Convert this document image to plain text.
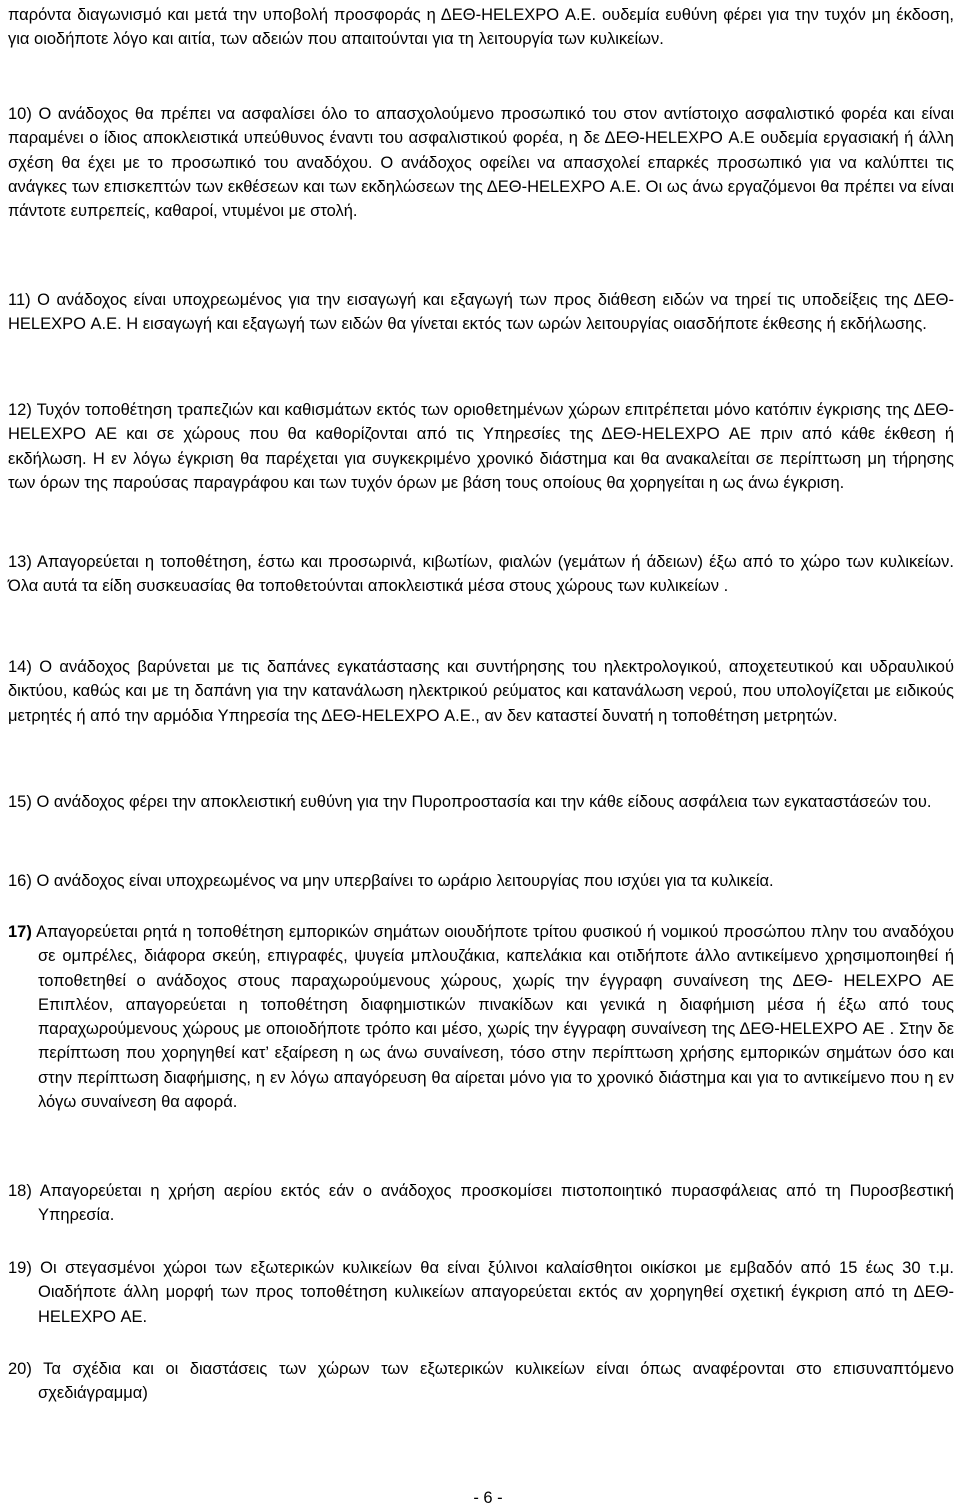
παρόντα διαγωνισμό και μετά την υποβολή προσφοράς η ΔΕΘ-HELEXPO Α.Ε. ουδεμία ευθύνη φέρει για την τυχόν μη έκδοση, για οιοδήποτε λόγο και αιτία, των αδειών που απαιτούνται για τη λειτουργία των κυλικείων.

10) Ο ανάδοχος θα πρέπει να ασφαλίσει όλο το απασχολούμενο προσωπικό του στον αντίστοιχο ασφαλιστικό φορέα και είναι παραμένει ο ίδιος αποκλειστικά υπεύθυνος έναντι του ασφαλιστικού φορέα, η δε ΔΕΘ-HELEXPO Α.Ε ουδεμία εργασιακή ή άλλη σχέση θα έχει με το προσωπικό του αναδόχου. Ο ανάδοχος οφείλει να απασχολεί επαρκές προσωπικό για να καλύπτει τις ανάγκες των επισκεπτών των εκθέσεων και των εκδηλώσεων της ΔΕΘ-HELEXPO Α.Ε. Οι ως άνω εργαζόμενοι θα πρέπει να είναι πάντοτε ευπρεπείς, καθαροί, ντυμένοι με στολή.

11) Ο ανάδοχος είναι υποχρεωμένος για την εισαγωγή και εξαγωγή των προς διάθεση ειδών να τηρεί τις υποδείξεις της ΔΕΘ-HELEXPO Α.Ε. Η εισαγωγή και εξαγωγή των ειδών θα γίνεται εκτός των ωρών λειτουργίας οιασδήποτε έκθεσης ή εκδήλωσης.

12) Τυχόν τοποθέτηση τραπεζιών και καθισμάτων εκτός των οριοθετημένων χώρων επιτρέπεται μόνο κατόπιν έγκρισης της ΔΕΘ-HELEXPO ΑΕ και σε χώρους που θα καθορίζονται από τις Υπηρεσίες της ΔΕΘ-HELEXPO ΑΕ πριν από κάθε έκθεση ή εκδήλωση. Η εν λόγω έγκριση θα παρέχεται για συγκεκριμένο χρονικό διάστημα και θα ανακαλείται σε περίπτωση μη τήρησης των όρων της παρούσας παραγράφου και των τυχόν όρων με βάση τους οποίους θα χορηγείται η ως άνω έγκριση.

13) Απαγορεύεται η τοποθέτηση, έστω και προσωρινά, κιβωτίων, φιαλών (γεμάτων ή άδειων) έξω από το χώρο των κυλικείων. Όλα αυτά τα είδη συσκευασίας θα τοποθετούνται αποκλειστικά μέσα στους χώρους των κυλικείων .

14) Ο ανάδοχος βαρύνεται με τις δαπάνες εγκατάστασης και συντήρησης του ηλεκτρολογικού, αποχετευτικού και υδραυλικού δικτύου, καθώς και με τη δαπάνη για την κατανάλωση ηλεκτρικού ρεύματος και κατανάλωση νερού, που υπολογίζεται με ειδικούς μετρητές ή από την αρμόδια Υπηρεσία της ΔΕΘ-HELEXPO Α.Ε., αν δεν καταστεί δυνατή η τοποθέτηση μετρητών.

15) Ο ανάδοχος φέρει την αποκλειστική ευθύνη για την Πυροπροστασία και την κάθε είδους ασφάλεια των εγκαταστάσεών του.

16) Ο ανάδοχος είναι υποχρεωμένος να μην υπερβαίνει το ωράριο λειτουργίας που ισχύει για τα κυλικεία.

17) Απαγορεύεται ρητά η τοποθέτηση εμπορικών σημάτων οιουδήποτε τρίτου φυσικού ή νομικού προσώπου πλην του αναδόχου σε ομπρέλες, διάφορα σκεύη, επιγραφές, ψυγεία μπλουζάκια, καπελάκια και οτιδήποτε άλλο αντικείμενο χρησιμοποιηθεί ή τοποθετηθεί ο ανάδοχος στους παραχωρούμενους χώρους, χωρίς την έγγραφη συναίνεση της ΔΕΘ- HELEXPO ΑΕ Επιπλέον, απαγορεύεται η τοποθέτηση διαφημιστικών πινακίδων και γενικά η διαφήμιση μέσα ή έξω από τους παραχωρούμενους χώρους με οποιοδήποτε τρόπο και μέσο, χωρίς την έγγραφη συναίνεση της ΔΕΘ-HELEXPO ΑΕ . Στην δε περίπτωση που χορηγηθεί κατ’ εξαίρεση η ως άνω συναίνεση, τόσο στην περίπτωση χρήσης εμπορικών σημάτων όσο και στην περίπτωση διαφήμισης, η εν λόγω απαγόρευση θα αίρεται μόνο για το χρονικό διάστημα και για το αντικείμενο που η εν λόγω συναίνεση θα αφορά.

18) Απαγορεύεται η χρήση αερίου εκτός εάν ο ανάδοχος προσκομίσει πιστοποιητικό πυρασφάλειας από τη Πυροσβεστική Υπηρεσία.

19) Οι στεγασμένοι χώροι των εξωτερικών κυλικείων θα είναι ξύλινοι καλαίσθητοι οικίσκοι με εμβαδόν από 15 έως 30 τ.μ. Οιαδήποτε άλλη μορφή των προς τοποθέτηση κυλικείων απαγορεύεται εκτός αν χορηγηθεί σχετική έγκριση από τη ΔΕΘ- HELEXPO ΑΕ.

20) Τα σχέδια και οι διαστάσεις των χώρων των εξωτερικών κυλικείων είναι όπως αναφέρονται στο επισυναπτόμενο σχεδιάγραμμα)

- 6 -
